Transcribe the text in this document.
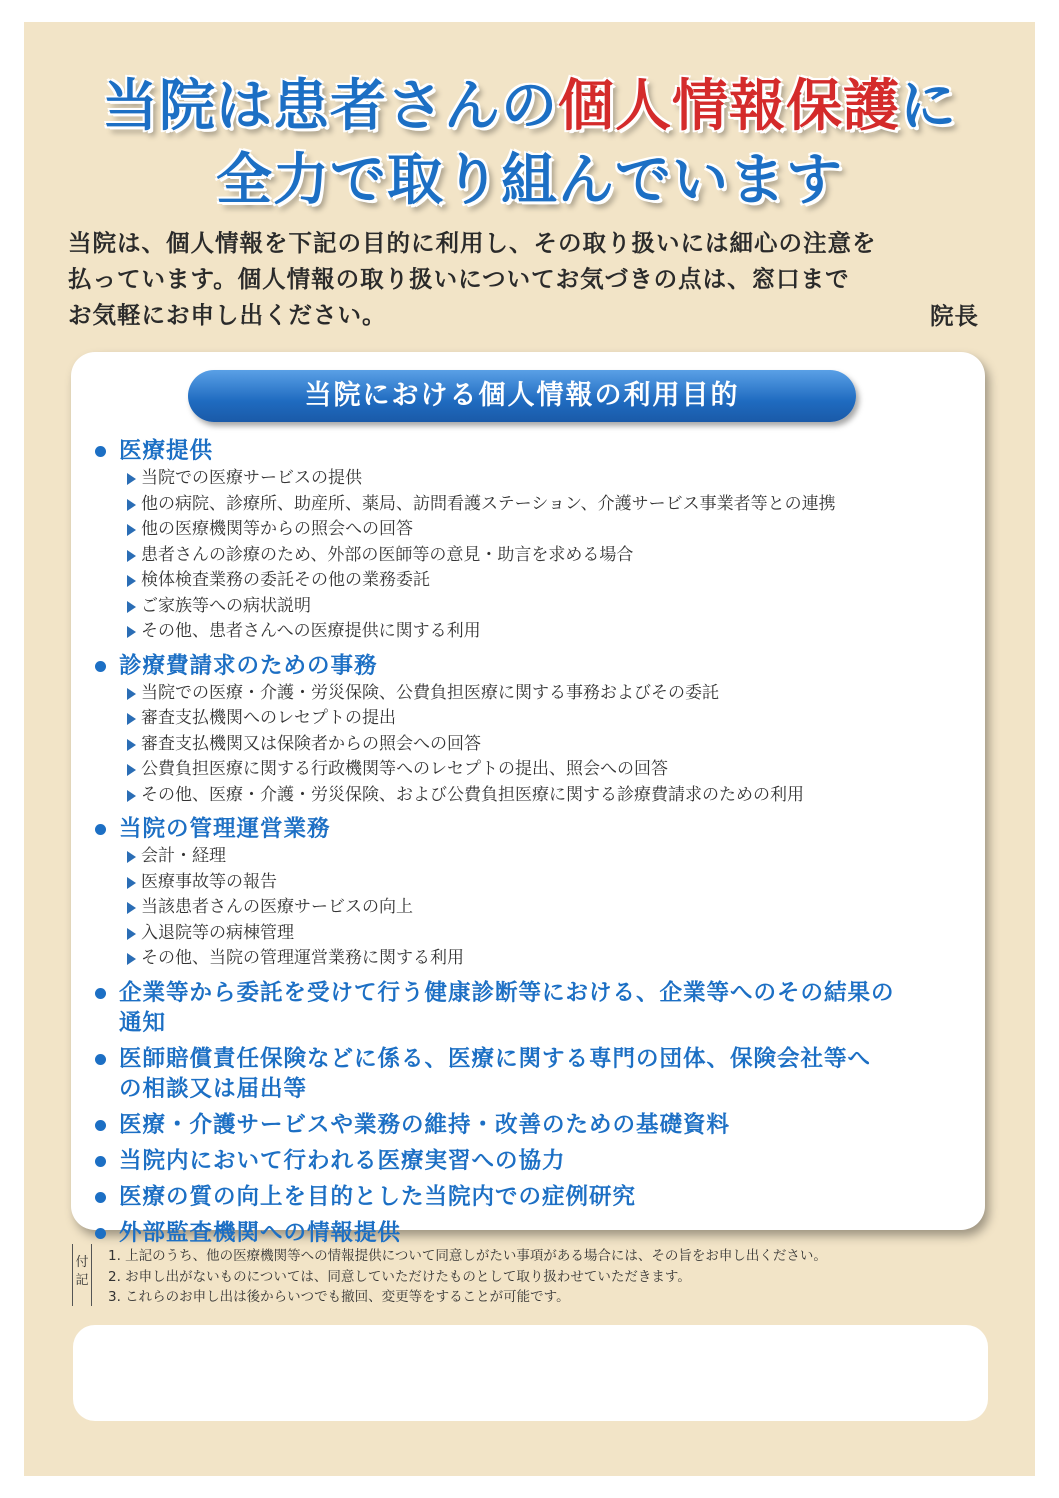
当院は患者さんの個人情報保護に
全力で取り組んでいます
当院は、個人情報を下記の目的に利用し、その取り扱いには細心の注意を
払っています。個人情報の取り扱いについてお気づきの点は、窓口まで
お気軽にお申し出ください。	院長
当院における個人情報の利用目的
医療提供
当院での医療サービスの提供
他の病院、診療所、助産所、薬局、訪問看護ステーション、介護サービス事業者等との連携
他の医療機関等からの照会への回答
患者さんの診療のため、外部の医師等の意見・助言を求める場合
検体検査業務の委託その他の業務委託
ご家族等への病状説明
その他、患者さんへの医療提供に関する利用
診療費請求のための事務
当院での医療・介護・労災保険、公費負担医療に関する事務およびその委託
審査支払機関へのレセプトの提出
審査支払機関又は保険者からの照会への回答
公費負担医療に関する行政機関等へのレセプトの提出、照会への回答
その他、医療・介護・労災保険、および公費負担医療に関する診療費請求のための利用
当院の管理運営業務
会計・経理
医療事故等の報告
当該患者さんの医療サービスの向上
入退院等の病棟管理
その他、当院の管理運営業務に関する利用
企業等から委託を受けて行う健康診断等における、企業等へのその結果の
通知
医師賠償責任保険などに係る、医療に関する専門の団体、保険会社等へ
の相談又は届出等
医療・介護サービスや業務の維持・改善のための基礎資料
当院内において行われる医療実習への協力
医療の質の向上を目的とした当院内での症例研究
外部監査機関への情報提供
付
記
1. 上記のうち、他の医療機関等への情報提供について同意しがたい事項がある場合には、その旨をお申し出ください。
2. お申し出がないものについては、同意していただけたものとして取り扱わせていただきます。
3. これらのお申し出は後からいつでも撤回、変更等をすることが可能です。
